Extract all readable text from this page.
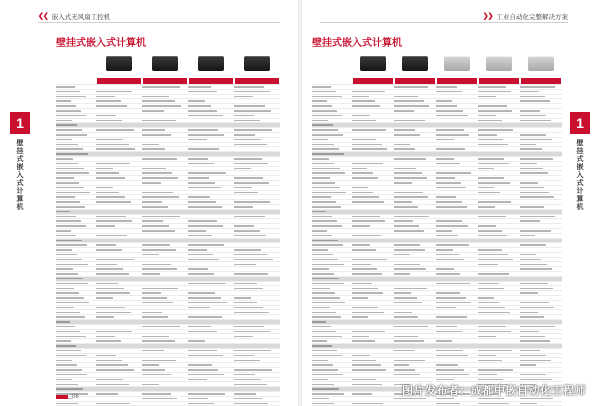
❮❮ 嵌入式无风扇工控机
壁挂式嵌入式计算机
1
壁
挂
式
嵌
入
式
计
算
机
06
❯❯ 工业自动化完整解决方案
壁挂式嵌入式计算机
1
壁
挂
式
嵌
入
式
计
算
机
图片发布者：成都中嵌自动化工程师
